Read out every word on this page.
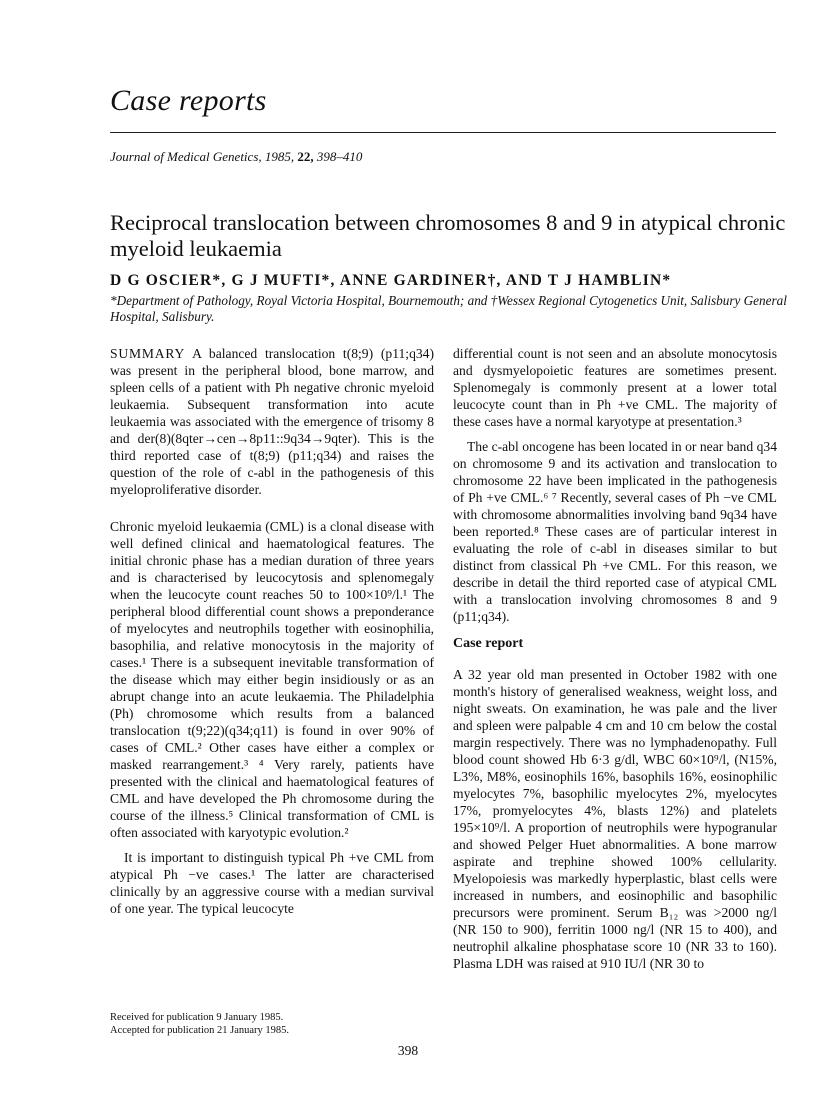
Case reports
Journal of Medical Genetics, 1985, 22, 398–410
Reciprocal translocation between chromosomes 8 and 9 in atypical chronic myeloid leukaemia
D G OSCIER*, G J MUFTI*, ANNE GARDINER†, AND T J HAMBLIN*
*Department of Pathology, Royal Victoria Hospital, Bournemouth; and †Wessex Regional Cytogenetics Unit, Salisbury General Hospital, Salisbury.

SUMMARY A balanced translocation t(8;9) (p11;q34) was present in the peripheral blood, bone marrow, and spleen cells of a patient with Ph negative chronic myeloid leukaemia. Subsequent transformation into acute leukaemia was associated with the emergence of trisomy 8 and der(8)(8qter→cen→8p11::9q34→9qter). This is the third reported case of t(8;9) (p11;q34) and raises the question of the role of c-abl in the pathogenesis of this myeloproliferative disorder.

Chronic myeloid leukaemia (CML) is a clonal disease with well defined clinical and haematological features. The initial chronic phase has a median duration of three years and is characterised by leucocytosis and splenomegaly when the leucocyte count reaches 50 to 100×10⁹/l.¹ The peripheral blood differential count shows a preponderance of myelocytes and neutrophils together with eosinophilia, basophilia, and relative monocytosis in the majority of cases.¹ There is a subsequent inevitable transformation of the disease which may either begin insidiously or as an abrupt change into an acute leukaemia. The Philadelphia (Ph) chromosome which results from a balanced translocation t(9;22)(q34;q11) is found in over 90% of cases of CML.² Other cases have either a complex or masked rearrangement.³ ⁴ Very rarely, patients have presented with the clinical and haematological features of CML and have developed the Ph chromosome during the course of the illness.⁵ Clinical transformation of CML is often associated with karyotypic evolution.²

It is important to distinguish typical Ph +ve CML from atypical Ph −ve cases.¹ The latter are characterised clinically by an aggressive course with a median survival of one year. The typical leucocyte

differential count is not seen and an absolute monocytosis and dysmyelopoietic features are sometimes present. Splenomegaly is commonly present at a lower total leucocyte count than in Ph +ve CML. The majority of these cases have a normal karyotype at presentation.³

The c-abl oncogene has been located in or near band q34 on chromosome 9 and its activation and translocation to chromosome 22 have been implicated in the pathogenesis of Ph +ve CML.⁶ ⁷ Recently, several cases of Ph −ve CML with chromosome abnormalities involving band 9q34 have been reported.⁸ These cases are of particular interest in evaluating the role of c-abl in diseases similar to but distinct from classical Ph +ve CML. For this reason, we describe in detail the third reported case of atypical CML with a translocation involving chromosomes 8 and 9 (p11;q34).

Case report

A 32 year old man presented in October 1982 with one month's history of generalised weakness, weight loss, and night sweats. On examination, he was pale and the liver and spleen were palpable 4 cm and 10 cm below the costal margin respectively. There was no lymphadenopathy. Full blood count showed Hb 6·3 g/dl, WBC 60×10⁹/l, (N15%, L3%, M8%, eosinophils 16%, basophils 16%, eosinophilic myelocytes 7%, basophilic myelocytes 2%, myelocytes 17%, promyelocytes 4%, blasts 12%) and platelets 195×10⁹/l. A proportion of neutrophils were hypogranular and showed Pelger Huet abnormalities. A bone marrow aspirate and trephine showed 100% cellularity. Myelopoiesis was markedly hyperplastic, blast cells were increased in numbers, and eosinophilic and basophilic precursors were prominent. Serum B₁₂ was >2000 ng/l (NR 150 to 900), ferritin 1000 ng/l (NR 15 to 400), and neutrophil alkaline phosphatase score 10 (NR 33 to 160). Plasma LDH was raised at 910 IU/l (NR 30 to

Received for publication 9 January 1985.
Accepted for publication 21 January 1985.
398
